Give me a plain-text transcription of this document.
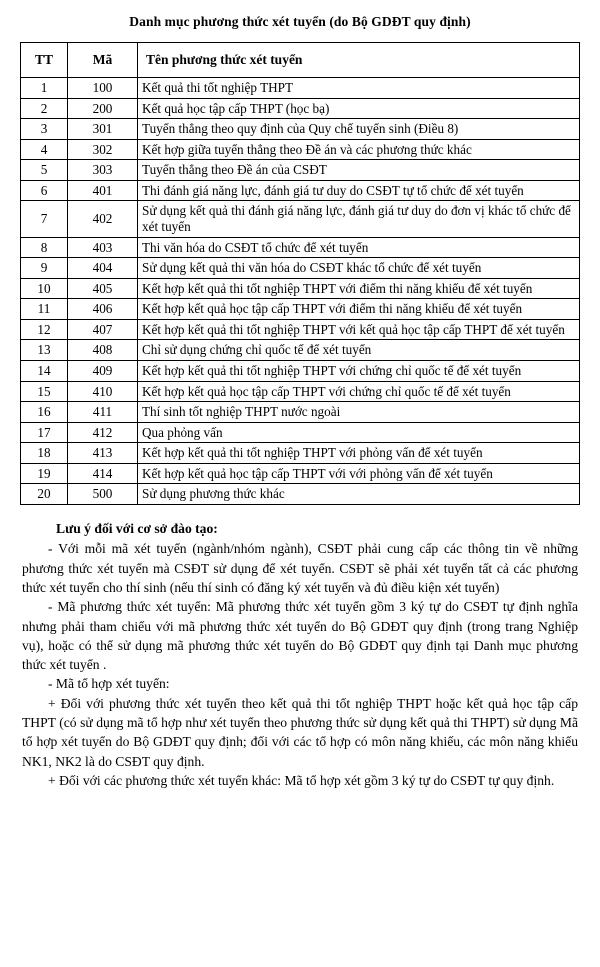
Danh mục phương thức xét tuyển (do Bộ GDĐT quy định)
TT	Mã	Tên phương thức xét tuyển
1	100	Kết quả thi tốt nghiệp THPT
2	200	Kết quả học tập cấp THPT (học bạ)
3	301	Tuyển thẳng theo quy định của Quy chế tuyển sinh (Điều 8)
4	302	Kết hợp giữa tuyển thẳng theo Đề án và các phương thức khác
5	303	Tuyển thẳng theo Đề án của CSĐT
6	401	Thi đánh giá năng lực, đánh giá tư duy do CSĐT tự tổ chức để xét tuyển
7	402	Sử dụng kết quả thi đánh giá năng lực, đánh giá tư duy do đơn vị khác tổ chức để xét tuyển
8	403	Thi văn hóa do CSĐT tổ chức để xét tuyển
9	404	Sử dụng kết quả thi văn hóa do CSĐT khác tổ chức để xét tuyển
10	405	Kết hợp kết quả thi tốt nghiệp THPT với điểm thi năng khiếu để xét tuyển
11	406	Kết hợp kết quả học tập cấp THPT với điểm thi năng khiếu để xét tuyển
12	407	Kết hợp kết quả thi tốt nghiệp THPT với kết quả học tập cấp THPT để xét tuyển
13	408	Chỉ sử dụng chứng chỉ quốc tế để xét tuyển
14	409	Kết hợp kết quả thi tốt nghiệp THPT với chứng chỉ quốc tế để xét tuyển
15	410	Kết hợp kết quả học tập cấp THPT với chứng chỉ quốc tế để xét tuyển
16	411	Thí sinh tốt nghiệp THPT nước ngoài
17	412	Qua phỏng vấn
18	413	Kết hợp kết quả thi tốt nghiệp THPT với phỏng vấn để xét tuyển
19	414	Kết hợp kết quả học tập cấp THPT với với phỏng vấn để xét tuyển
20	500	Sử dụng phương thức khác
Lưu ý đối với cơ sở đào tạo:

- Với mỗi mã xét tuyển (ngành/nhóm ngành), CSĐT phải cung cấp các thông tin về những phương thức xét tuyển mà CSĐT sử dụng để xét tuyển. CSĐT sẽ phải xét tuyển tất cả các phương thức xét tuyển cho thí sinh (nếu thí sinh có đăng ký xét tuyển và đủ điều kiện xét tuyển)

- Mã phương thức xét tuyển: Mã phương thức xét tuyển gồm 3 ký tự do CSĐT tự định nghĩa nhưng phải tham chiếu với mã phương thức xét tuyển do Bộ GDĐT quy định (trong trang Nghiệp vụ), hoặc có thể sử dụng mã phương thức xét tuyển do Bộ GDĐT quy định tại Danh mục phương thức xét tuyển .

- Mã tổ hợp xét tuyển:

+ Đối với phương thức xét tuyển theo kết quả thi tốt nghiệp THPT hoặc kết quả học tập cấp THPT (có sử dụng mã tổ hợp như xét tuyển theo phương thức sử dụng kết quả thi THPT) sử dụng Mã tổ hợp xét tuyển do Bộ GDĐT quy định; đối với các tổ hợp có môn năng khiếu, các môn năng khiếu NK1, NK2 là do CSĐT quy định.

+ Đối với các phương thức xét tuyển khác: Mã tổ hợp xét gồm 3 ký tự do CSĐT tự quy định.
